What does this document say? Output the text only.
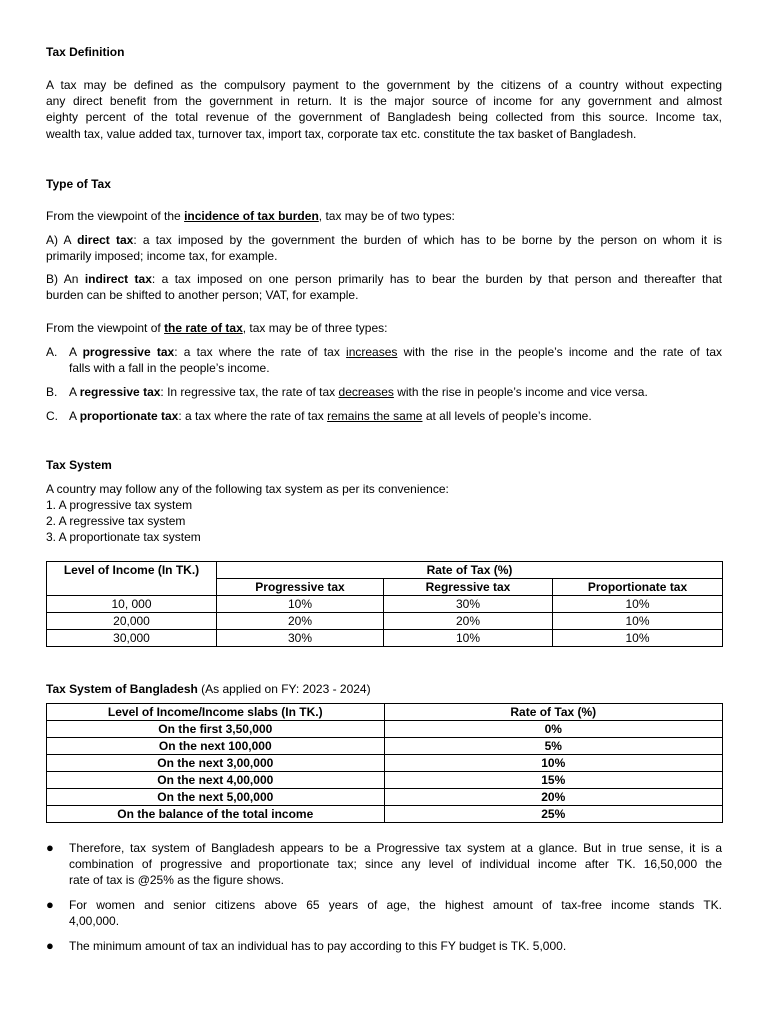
Tax Definition
A tax may be defined as the compulsory payment to the government by the citizens of a country without expecting
any direct benefit from the government in return. It is the major source of income for any government and almost
eighty percent of the total revenue of the government of Bangladesh being collected from this source. Income tax,
wealth tax, value added tax, turnover tax, import tax, corporate tax etc. constitute the tax basket of Bangladesh.
Type of Tax
From the viewpoint of the incidence of tax burden, tax may be of two types:
A) A direct tax: a tax imposed by the government the burden of which has to be borne by the person on whom it is
primarily imposed; income tax, for example.
B) An indirect tax: a tax imposed on one person primarily has to bear the burden by that person and thereafter that
burden can be shifted to another person; VAT, for example.
From the viewpoint of the rate of tax, tax may be of three types:
A. A progressive tax: a tax where the rate of tax increases with the rise in the people’s income and the rate of tax
falls with a fall in the people’s income.
B. A regressive tax: In regressive tax, the rate of tax decreases with the rise in people’s income and vice versa.
C. A proportionate tax: a tax where the rate of tax remains the same at all levels of people’s income.
Tax System
A country may follow any of the following tax system as per its convenience:
1. A progressive tax system
2. A regressive tax system
3. A proportionate tax system
Level of Income (In TK.)	Rate of Tax (%)		
	Progressive tax	Regressive tax	Proportionate tax
10, 000	10%	30%	10%
20,000	20%	20%	10%
30,000	30%	10%	10%
Tax System of Bangladesh (As applied on FY: 2023 - 2024)
Level of Income/Income slabs (In TK.)	Rate of Tax (%)
On the first 3,50,000	0%
On the next 100,000	5%
On the next 3,00,000	10%
On the next 4,00,000	15%
On the next 5,00,000	20%
On the balance of the total income	25%
● Therefore, tax system of Bangladesh appears to be a Progressive tax system at a glance. But in true sense, it is a
combination of progressive and proportionate tax; since any level of individual income after TK. 16,50,000 the
rate of tax is @25% as the figure shows.
● For women and senior citizens above 65 years of age, the highest amount of tax-free income stands TK.
4,00,000.
● The minimum amount of tax an individual has to pay according to this FY budget is TK. 5,000.
